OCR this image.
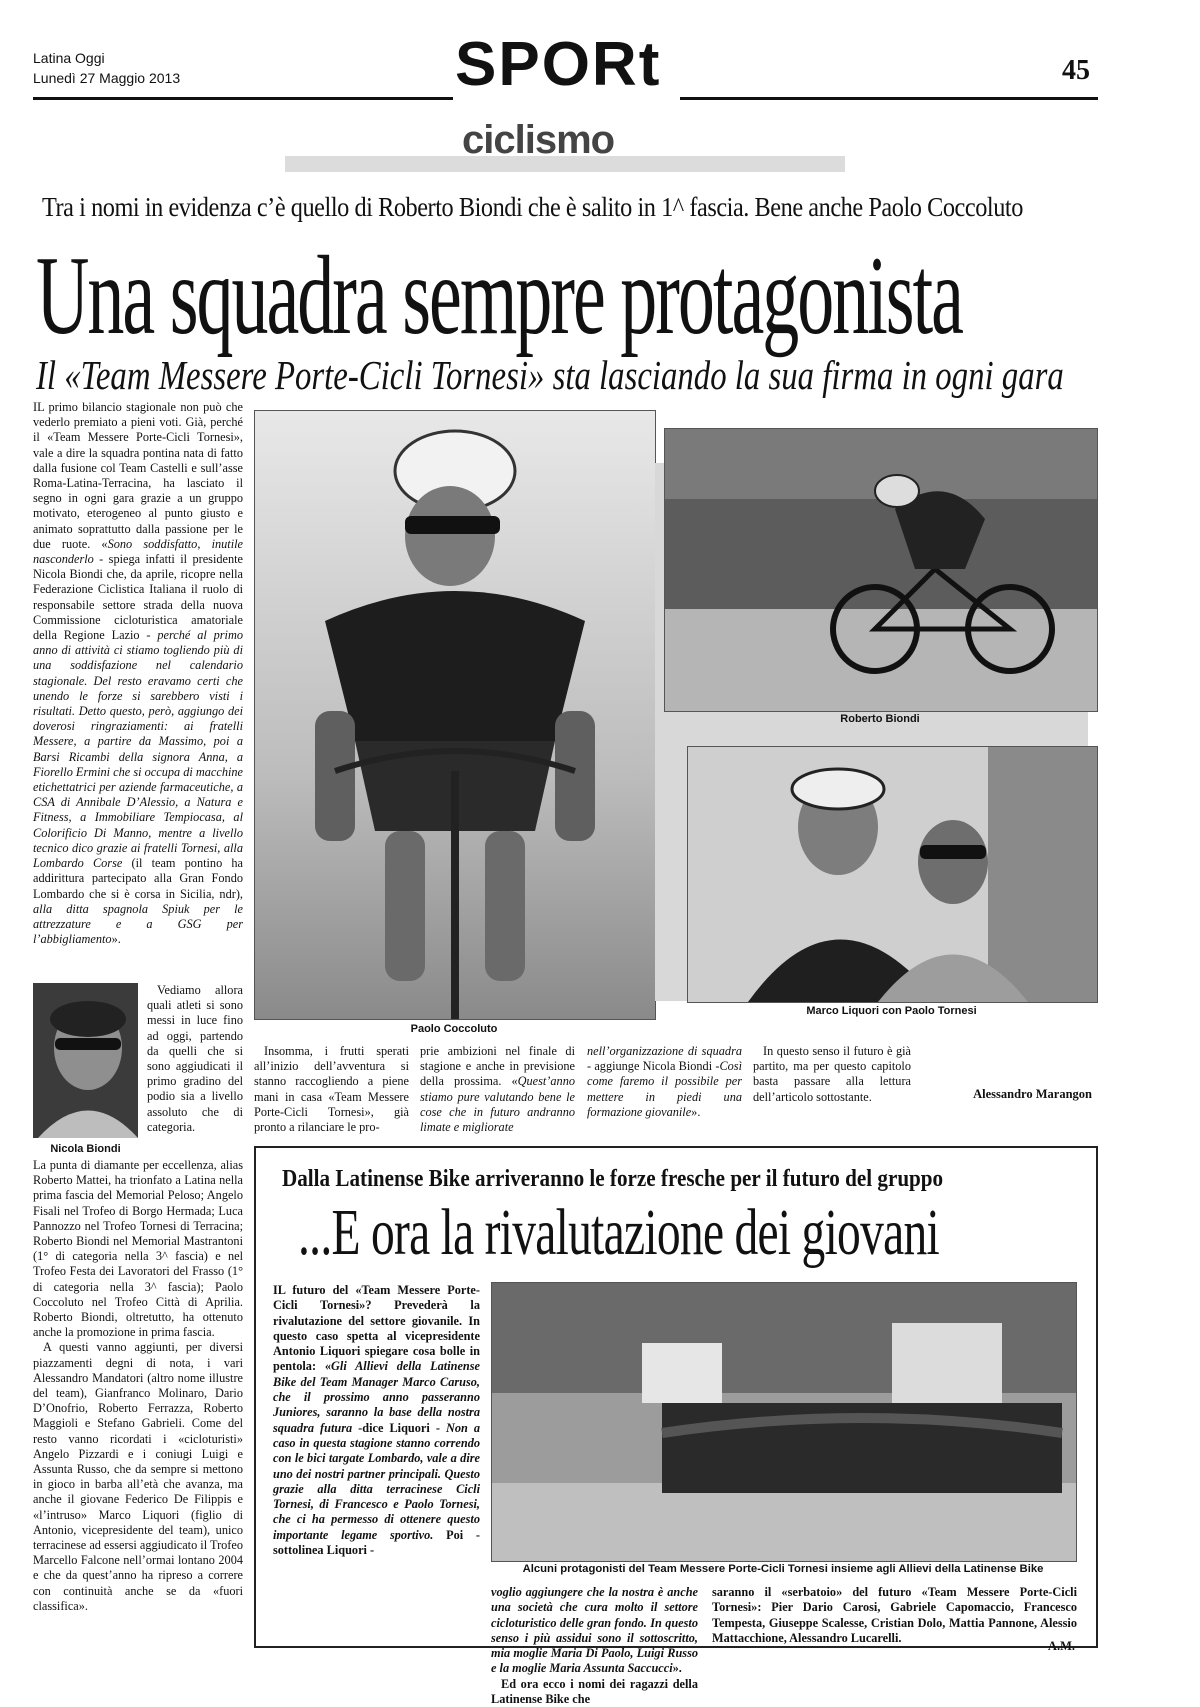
Latina Oggi
Lunedì 27 Maggio 2013	SPORt	45
ciclismo
Tra i nomi in evidenza c’è quello di Roberto Biondi che è salito in 1^ fascia. Bene anche Paolo Coccoluto
Una squadra sempre protagonista
Il «Team Messere Porte-Cicli Tornesi» sta lasciando la sua firma in ogni gara

IL primo bilancio stagionale non può che vederlo premiato a pieni voti. Già, perché il «Team Messere Porte-Cicli Tornesi», vale a dire la squadra pontina nata di fatto dalla fusione col Team Castelli e sull’asse Roma-Latina-Terracina, ha lasciato il segno in ogni gara grazie a un gruppo motivato, eterogeneo al punto giusto e animato soprattutto dalla passione per le due ruote. «Sono soddisfatto, inutile nasconderlo - spiega infatti il presidente Nicola Biondi che, da aprile, ricopre nella Federazione Ciclistica Italiana il ruolo di responsabile settore strada della nuova Commissione cicloturistica amatoriale della Regione Lazio - perché al primo anno di attività ci stiamo togliendo più di una soddisfazione nel calendario stagionale. Del resto eravamo certi che unendo le forze si sarebbero visti i risultati. Detto questo, però, aggiungo dei doverosi ringraziamenti: ai fratelli Messere, a partire da Massimo, poi a Barsi Ricambi della signora Anna, a Fiorello Ermini che si occupa di macchine etichettatrici per aziende farmaceutiche, a CSA di Annibale D’Alessio, a Natura e Fitness, a Immobiliare Tempiocasa, al Colorificio Di Manno, mentre a livello tecnico dico grazie ai fratelli Tornesi, alla Lombardo Corse (il team pontino ha addirittura partecipato alla Gran Fondo Lombardo che si è corsa in Sicilia, ndr), alla ditta spagnola Spiuk per le attrezzature e a GSG per l’abbigliamento».

Nicola Biondi

Vediamo allora quali atleti si sono messi in luce fino ad oggi, partendo da quelli che si sono aggiudicati il primo gradino del podio sia a livello assoluto che di categoria.

La punta di diamante per eccellenza, alias Roberto Mattei, ha trionfato a Latina nella prima fascia del Memorial Peloso; Angelo Fisali nel Trofeo di Borgo Hermada; Luca Pannozzo nel Trofeo Tornesi di Terracina; Roberto Biondi nel Memorial Mastrantoni (1° di categoria nella 3^ fascia) e nel Trofeo Festa dei Lavoratori del Frasso (1° di categoria nella 3^ fascia); Paolo Coccoluto nel Trofeo Città di Aprilia. Roberto Biondi, oltretutto, ha ottenuto anche la promozione in prima fascia.

A questi vanno aggiunti, per diversi piazzamenti degni di nota, i vari Alessandro Mandatori (altro nome illustre del team), Gianfranco Molinaro, Dario D’Onofrio, Roberto Ferrazza, Roberto Maggioli e Stefano Gabrieli. Come del resto vanno ricordati i «cicloturisti» Angelo Pizzardi e i coniugi Luigi e Assunta Russo, che da sempre si mettono in gioco in barba all’età che avanza, ma anche il giovane Federico De Filippis e «l’intruso» Marco Liquori (figlio di Antonio, vicepresidente del team), unico terracinese ad essersi aggiudicato il Trofeo Marcello Falcone nell’ormai lontano 2004 e che da quest’anno ha ripreso a correre con continuità anche se da «fuori classifica».

Paolo Coccoluto
Roberto Biondi
Marco Liquori con Paolo Tornesi

Insomma, i frutti sperati all’inizio dell’avventura si stanno raccogliendo a piene mani in casa «Team Messere Porte-Cicli Tornesi», già pronto a rilanciare le pro-

prie ambizioni nel finale di stagione e anche in previsione della prossima. «Quest’anno stiamo pure valutando bene le cose che in futuro andranno limate e migliorate

nell’organizzazione di squadra - aggiunge Nicola Biondi -Così come faremo il possibile per mettere in piedi una formazione giovanile».

In questo senso il futuro è già partito, ma per questo capitolo basta passare alla lettura dell’articolo sottostante.	Alessandro Marangon
Dalla Latinense Bike arriveranno le forze fresche per il futuro del gruppo
...E ora la rivalutazione dei giovani

IL futuro del «Team Messere Porte-Cicli Tornesi»? Prevederà la rivalutazione del settore giovanile. In questo caso spetta al vicepresidente Antonio Liquori spiegare cosa bolle in pentola: «Gli Allievi della Latinense Bike del Team Manager Marco Caruso, che il prossimo anno passeranno Juniores, saranno la base della nostra squadra futura -dice Liquori - Non a caso in questa stagione stanno correndo con le bici targate Lombardo, vale a dire uno dei nostri partner principali. Questo grazie alla ditta terracinese Cicli Tornesi, di Francesco e Paolo Tornesi, che ci ha permesso di ottenere questo importante legame sportivo. Poi - sottolinea Liquori -

Alcuni protagonisti del Team Messere Porte-Cicli Tornesi insieme agli Allievi della Latinense Bike

voglio aggiungere che la nostra è anche una società che cura molto il settore cicloturistico delle gran fondo. In questo senso i più assidui sono il sottoscritto, mia moglie Maria Di Paolo, Luigi Russo e la moglie Maria Assunta Saccucci».

Ed ora ecco i nomi dei ragazzi della Latinense Bike che

saranno il «serbatoio» del futuro «Team Messere Porte-Cicli Tornesi»: Pier Dario Carosi, Gabriele Capomaccio, Francesco Tempesta, Giuseppe Scalesse, Cristian Dolo, Mattia Pannone, Alessio Mattacchione, Alessandro Lucarelli.

A.M.
